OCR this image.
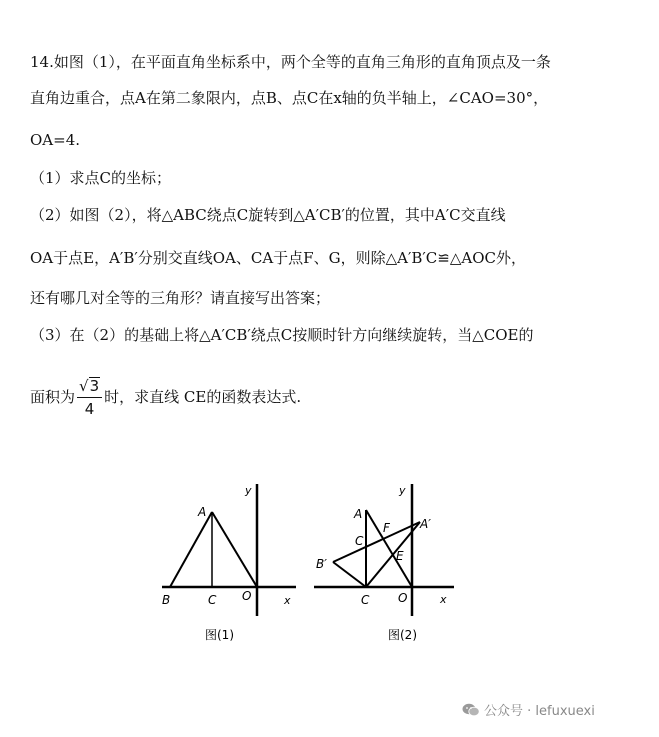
14.如图（1），在平面直角坐标系中，两个全等的直角三角形的直角顶点及一条
直角边重合，点A在第二象限内，点B、点C在x轴的负半轴上，∠CAO=30°，
OA=4.
（1）求点C的坐标；
（2）如图（2），将△ABC绕点C旋转到△A′CB′的位置，其中A′C交直线
OA于点E，A′B′分别交直线OA、CA于点F、G，则除△A′B′C≌△AOC外，
还有哪几对全等的三角形？请直接写出答案；
（3）在（2）的基础上将△A′CB′绕点C按顺时针方向继续旋转，当△COE的
面积为 $\frac{√3}{4}$ 时，求直线 CE的函数表达式.
A
B	C O	x
y
图(1)
A
A′
B′
C
C O
F
E
x
y
图(2)
公众号 · lefuxuexi
